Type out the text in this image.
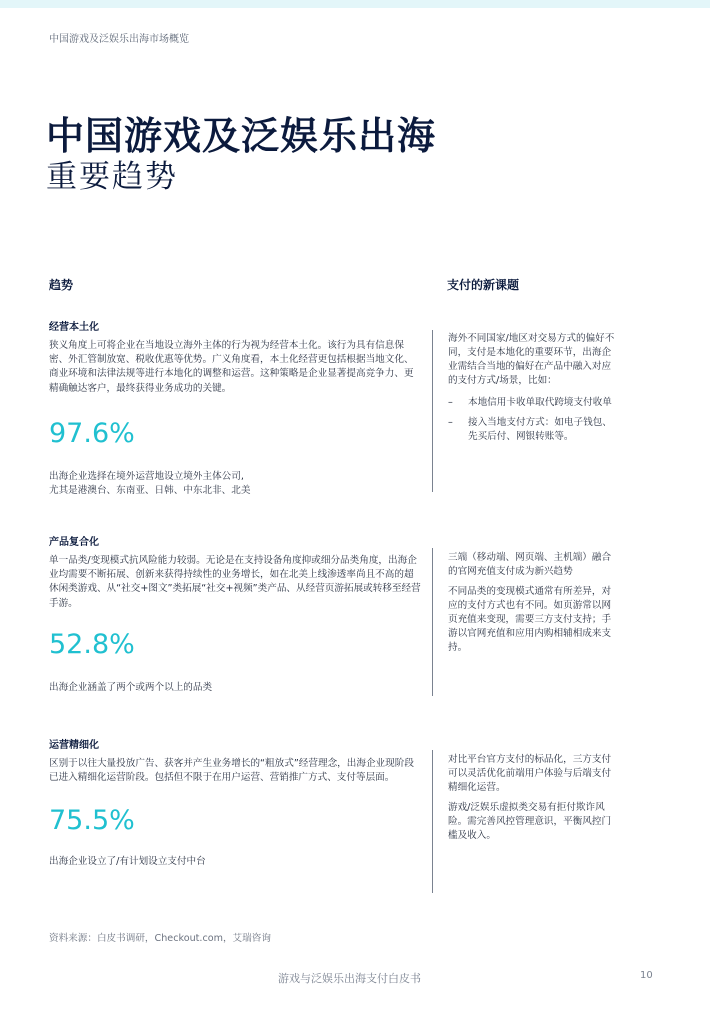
中国游戏及泛娱乐出海市场概览
中国游戏及泛娱乐出海
重要趋势
趋势	支付的新课题
经营本土化

狭义角度上可将企业在当地设立海外主体的行为视为经营本土化。该行为具有信息保密、外汇管制放宽、税收优惠等优势。广义角度看，本土化经营更包括根据当地文化、商业环境和法律法规等进行本地化的调整和运营。这种策略是企业显著提高竞争力、更精确触达客户，最终获得业务成功的关键。

97.6%

出海企业选择在境外运营地设立境外主体公司,

尤其是港澳台、东南亚、日韩、中东北非、北美

海外不同国家/地区对交易方式的偏好不同，支付是本地化的重要环节，出海企业需结合当地的偏好在产品中融入对应的支付方式/场景，比如：

–	本地信用卡收单取代跨境支付收单
–	接入当地支付方式：如电子钱包、先买后付、网银转账等。
产品复合化

单一品类/变现模式抗风险能力较弱。无论是在支持设备角度抑或细分品类角度，出海企业均需要不断拓展、创新来获得持续性的业务增长，如在北美上线渗透率尚且不高的超休闲类游戏、从“社交+图文”类拓展“社交+视频”类产品、从经营页游拓展或转移至经营手游。

52.8%

出海企业涵盖了两个或两个以上的品类

三端（移动端、网页端、主机端）融合的官网充值支付成为新兴趋势

不同品类的变现模式通常有所差异，对应的支付方式也有不同。如页游常以网页充值来变现，需要三方支付支持；手游以官网充值和应用内购相辅相成来支持。

运营精细化

区别于以往大量投放广告、获客并产生业务增长的“粗放式”经营理念，出海企业现阶段已进入精细化运营阶段。包括但不限于在用户运营、营销推广方式、支付等层面。

75.5%

出海企业设立了/有计划设立支付中台

对比平台官方支付的标品化，三方支付可以灵活优化前端用户体验与后端支付精细化运营。

游戏/泛娱乐虚拟类交易有拒付欺诈风险。需完善风控管理意识，平衡风控门槛及收入。

资料来源：白皮书调研，Checkout.com，艾瑞咨询
游戏与泛娱乐出海支付白皮书	10
